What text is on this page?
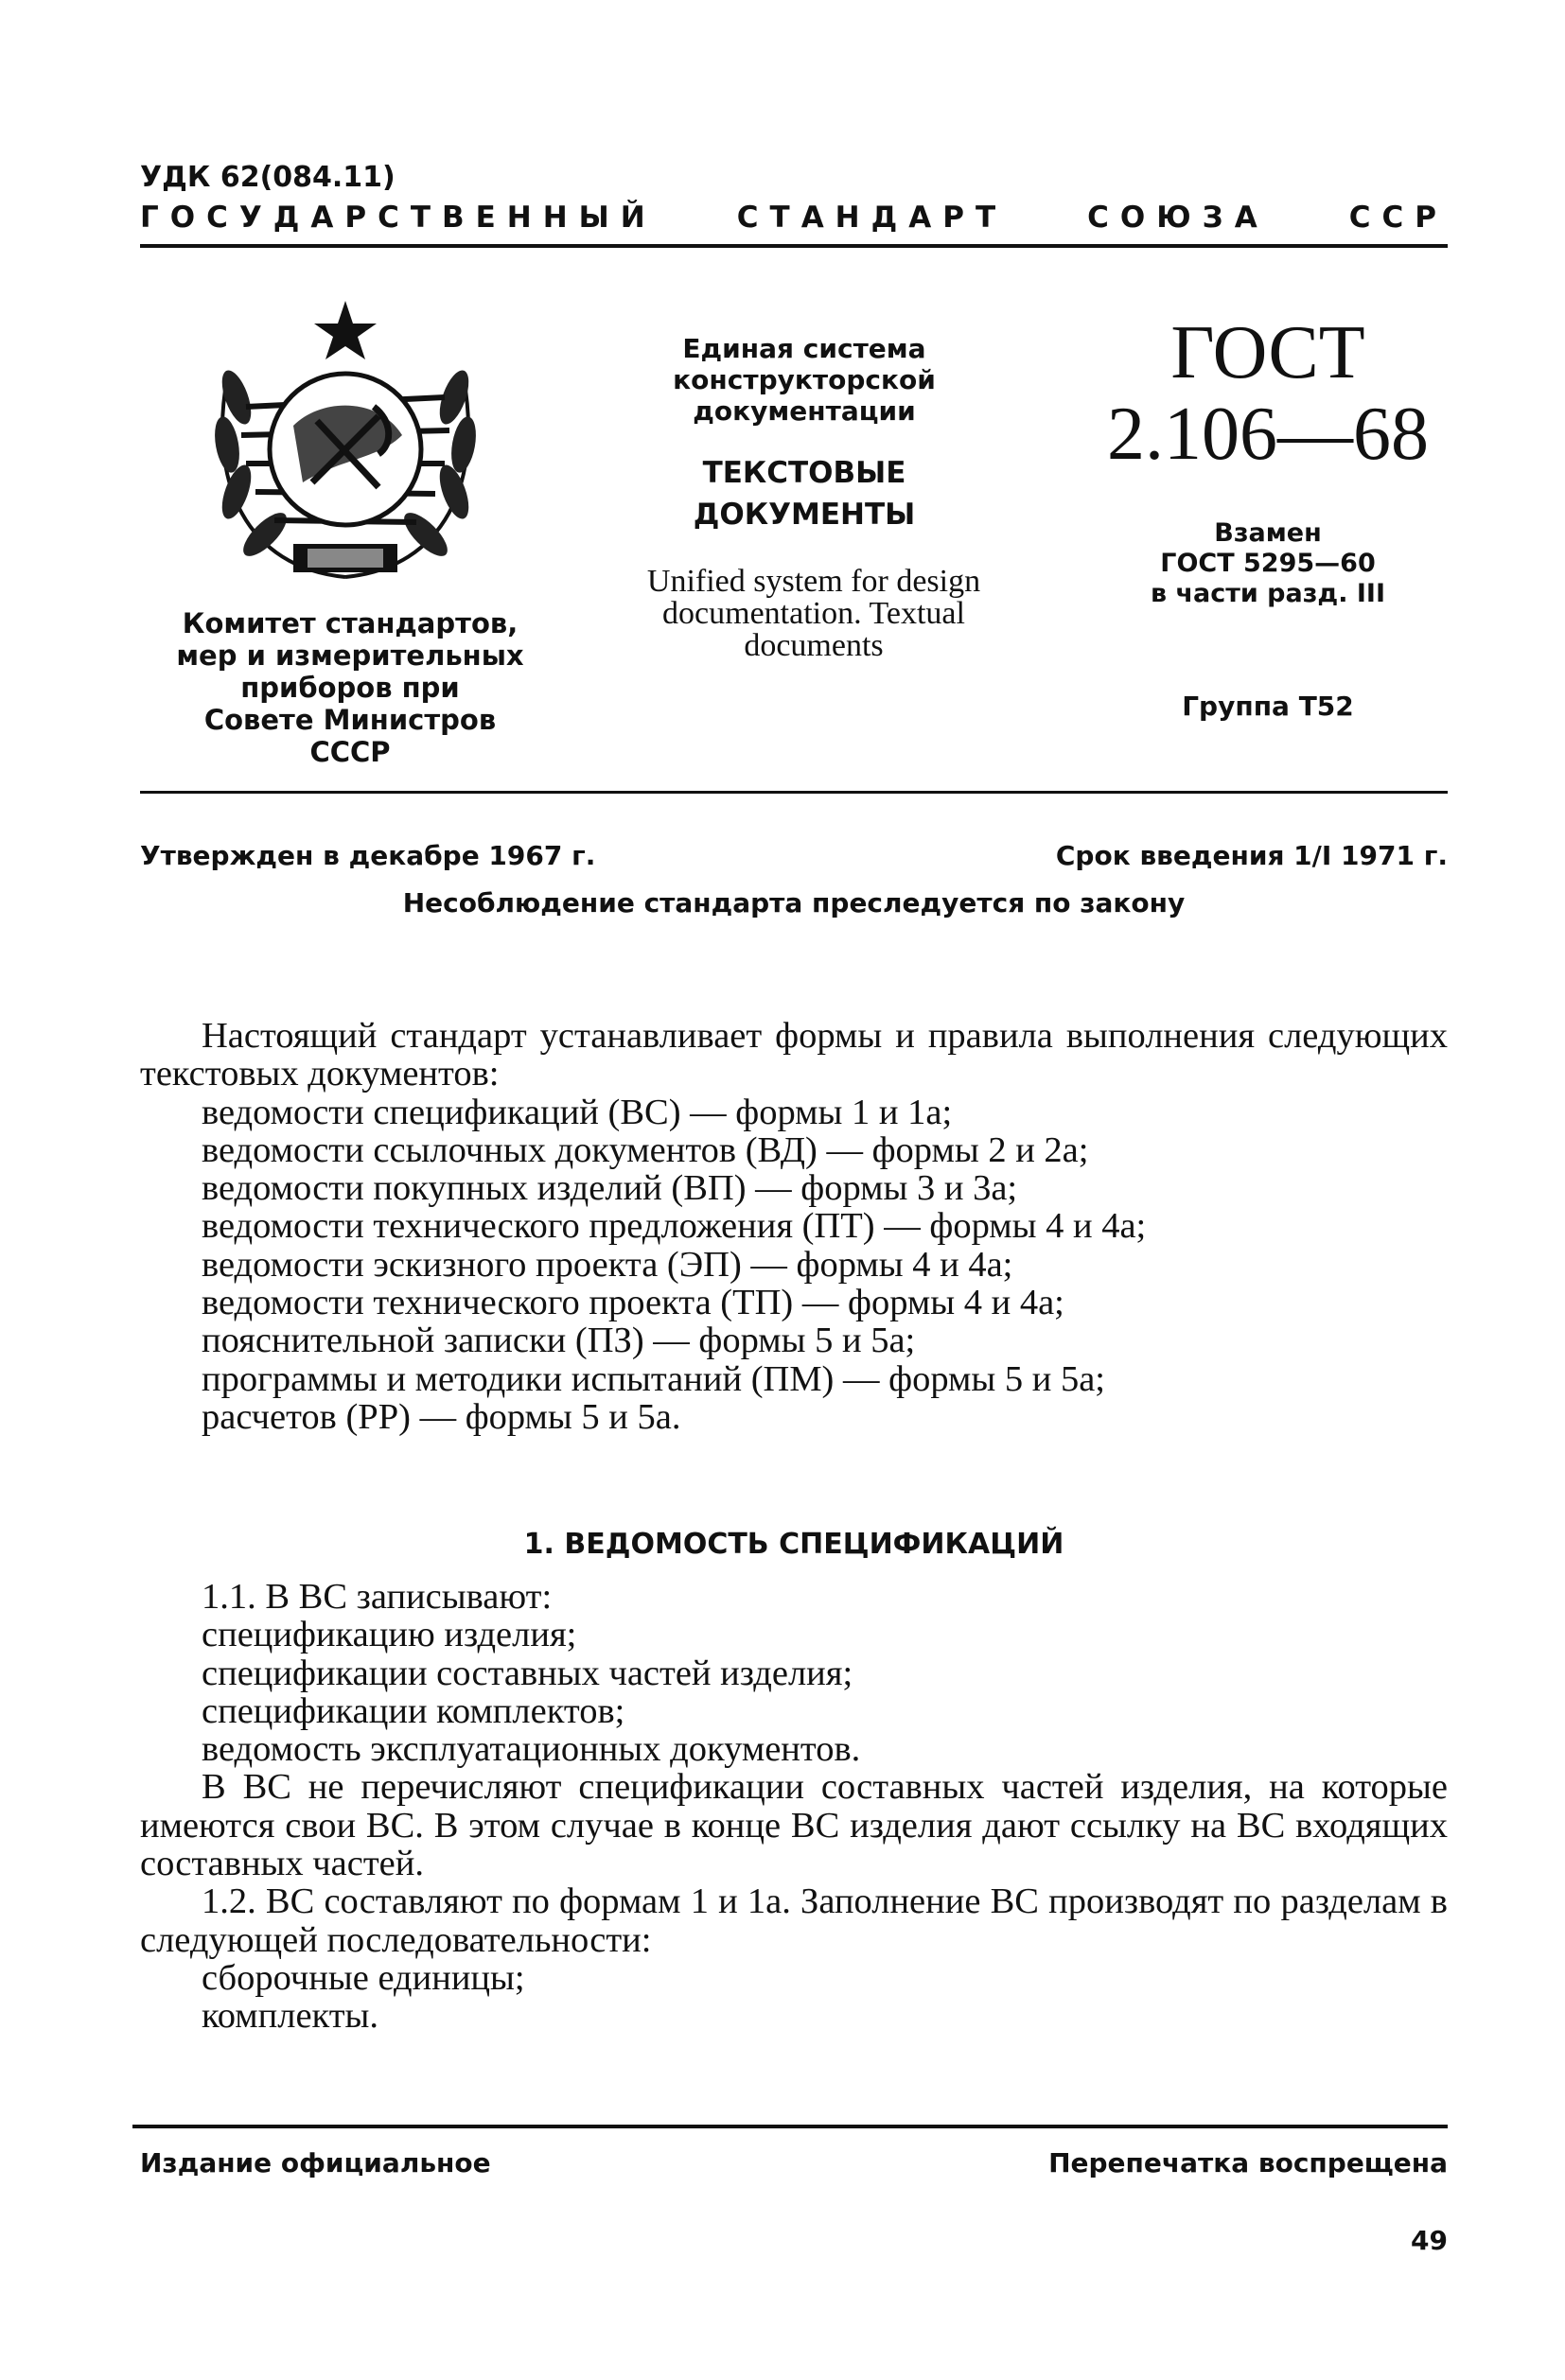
УДК 62(084.11)
ГОСУДАРСТВЕННЫЙ	СТАНДАРТ	СОЮЗА	ССР
Комитет стандартов,
мер и измерительных
приборов при
Совете Министров
СССР
Единая система
конструкторской
документации
ТЕКСТОВЫЕ
ДОКУМЕНТЫ
Unified system for design
documentation. Textual
documents
ГОСТ
2.106—68
Взамен
ГОСТ 5295—60
в части разд. III
Группа Т52
Утвержден в декабре 1967 г.	Срок введения 1/I 1971 г.
Несоблюдение стандарта преследуется по закону

Настоящий стандарт устанавливает формы и правила выполнения следующих текстовых документов:

ведомости спецификаций (ВС) — формы 1 и 1а;

ведомости ссылочных документов (ВД) — формы 2 и 2а;

ведомости покупных изделий (ВП) — формы 3 и 3а;

ведомости технического предложения (ПТ) — формы 4 и 4а;

ведомости эскизного проекта (ЭП) — формы 4 и 4а;

ведомости технического проекта (ТП) — формы 4 и 4а;

пояснительной записки (ПЗ) — формы 5 и 5а;

программы и методики испытаний (ПМ) — формы 5 и 5а;

расчетов (РР) — формы 5 и 5а.

1. ВЕДОМОСТЬ СПЕЦИФИКАЦИЙ

1.1. В ВС записывают:

спецификацию изделия;

спецификации составных частей изделия;

спецификации комплектов;

ведомость эксплуатационных документов.

В ВС не перечисляют спецификации составных частей изделия, на которые имеются свои ВС. В этом случае в конце ВС изделия дают ссылку на ВС входящих составных частей.

1.2. ВС составляют по формам 1 и 1а. Заполнение ВС производят по разделам в следующей последовательности:

сборочные единицы;

комплекты.

Издание официальное	Перепечатка воспрещена
49
